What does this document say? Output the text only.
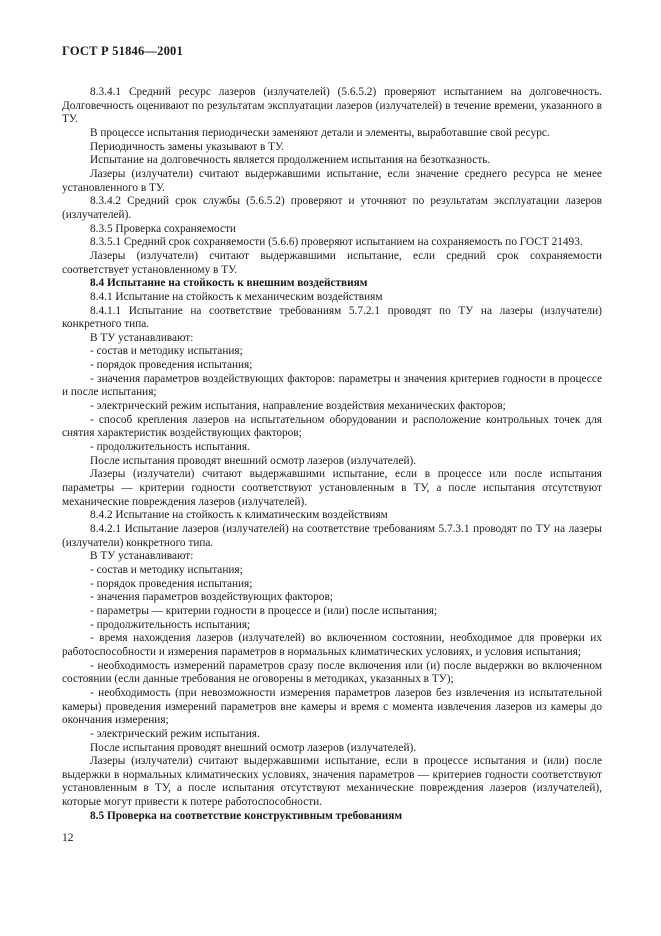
ГОСТ Р 51846—2001

8.3.4.1 Средний ресурс лазеров (излучателей) (5.6.5.2) проверяют испытанием на долговечность. Долговечность оценивают по результатам эксплуатации лазеров (излучателей) в течение времени, указанного в ТУ.

В процессе испытания периодически заменяют детали и элементы, выработавшие свой ресурс.

Периодичность замены указывают в ТУ.

Испытание на долговечность является продолжением испытания на безотказность.

Лазеры (излучатели) считают выдержавшими испытание, если значение среднего ресурса не менее установленного в ТУ.

8.3.4.2 Средний срок службы (5.6.5.2) проверяют и уточняют по результатам эксплуатации лазеров (излучателей).

8.3.5 Проверка сохраняемости

8.3.5.1 Средний срок сохраняемости (5.6.6) проверяют испытанием на сохраняемость по ГОСТ 21493.

Лазеры (излучатели) считают выдержавшими испытание, если средний срок сохраняемости соответствует установленному в ТУ.

8.4 Испытание на стойкость к внешним воздействиям

8.4.1 Испытание на стойкость к механическим воздействиям

8.4.1.1 Испытание на соответствие требованиям 5.7.2.1 проводят по ТУ на лазеры (излучатели) конкретного типа.

В ТУ устанавливают:

- состав и методику испытания;

- порядок проведения испытания;

- значения параметров воздействующих факторов: параметры и значения критериев годности в процессе и после испытания;

- электрический режим испытания, направление воздействия механических факторов;

- способ крепления лазеров на испытательном оборудовании и расположение контрольных точек для снятия характеристик воздействующих факторов;

- продолжительность испытания.

После испытания проводят внешний осмотр лазеров (излучателей).

Лазеры (излучатели) считают выдержавшими испытание, если в процессе или после испытания параметры — критерии годности соответствуют установленным в ТУ, а после испытания отсутствуют механические повреждения лазеров (излучателей).

8.4.2 Испытание на стойкость к климатическим воздействиям

8.4.2.1 Испытание лазеров (излучателей) на соответствие требованиям 5.7.3.1 проводят по ТУ на лазеры (излучатели) конкретного типа.

В ТУ устанавливают:

- состав и методику испытания;

- порядок проведения испытания;

- значения параметров воздействующих факторов;

- параметры — критерии годности в процессе и (или) после испытания;

- продолжительность испытания;

- время нахождения лазеров (излучателей) во включенном состоянии, необходимое для проверки их работоспособности и измерения параметров в нормальных климатических условиях, и условия испытания;

- необходимость измерений параметров сразу после включения или (и) после выдержки во включенном состоянии (если данные требования не оговорены в методиках, указанных в ТУ);

- необходимость (при невозможности измерения параметров лазеров без извлечения из испытательной камеры) проведения измерений параметров вне камеры и время с момента извлечения лазеров из камеры до окончания измерения;

- электрический режим испытания.

После испытания проводят внешний осмотр лазеров (излучателей).

Лазеры (излучатели) считают выдержавшими испытание, если в процессе испытания и (или) после выдержки в нормальных климатических условиях, значения параметров — критериев годности соответствуют установленным в ТУ, а после испытания отсутствуют механические повреждения лазеров (излучателей), которые могут привести к потере работоспособности.

8.5 Проверка на соответствие конструктивным требованиям

12
